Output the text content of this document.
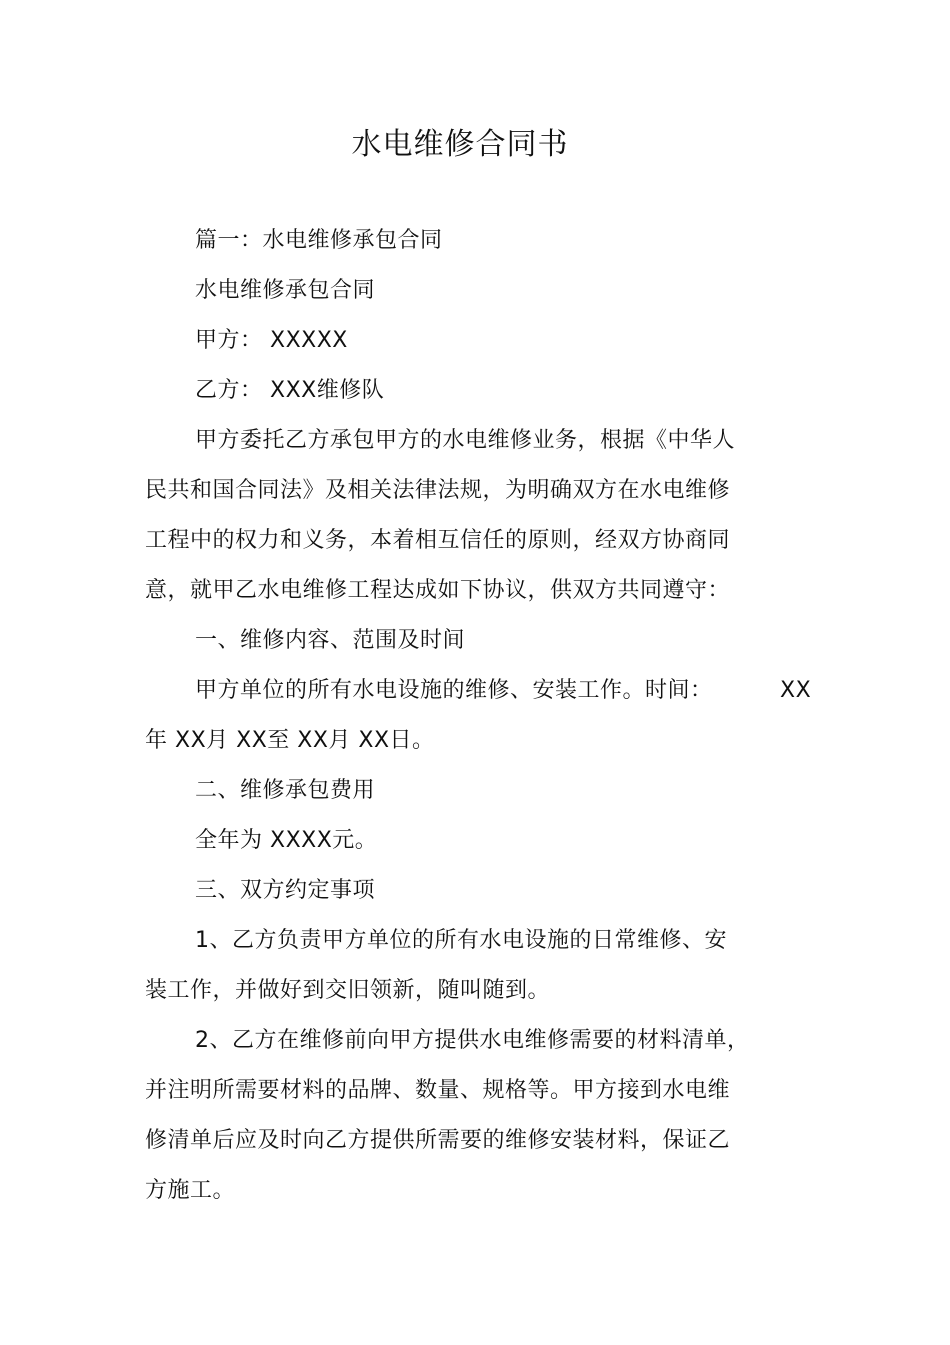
水电维修合同书
篇一：水电维修承包合同
水电维修承包合同
甲方： XXXXX
乙方： XXX维修队
甲方委托乙方承包甲方的水电维修业务，根据《中华人
民共和国合同法》及相关法律法规，为明确双方在水电维修
工程中的权力和义务，本着相互信任的原则，经双方协商同
意，就甲乙水电维修工程达成如下协议，供双方共同遵守：
一、维修内容、范围及时间
甲方单位的所有水电设施的维修、安装工作。时间：	XX
年 XX月 XX至 XX月 XX日。
二、维修承包费用
全年为 XXXX元。
三、双方约定事项
1、乙方负责甲方单位的所有水电设施的日常维修、安
装工作，并做好到交旧领新，随叫随到。
2、乙方在维修前向甲方提供水电维修需要的材料清单，
并注明所需要材料的品牌、数量、规格等。甲方接到水电维
修清单后应及时向乙方提供所需要的维修安装材料，保证乙
方施工。
